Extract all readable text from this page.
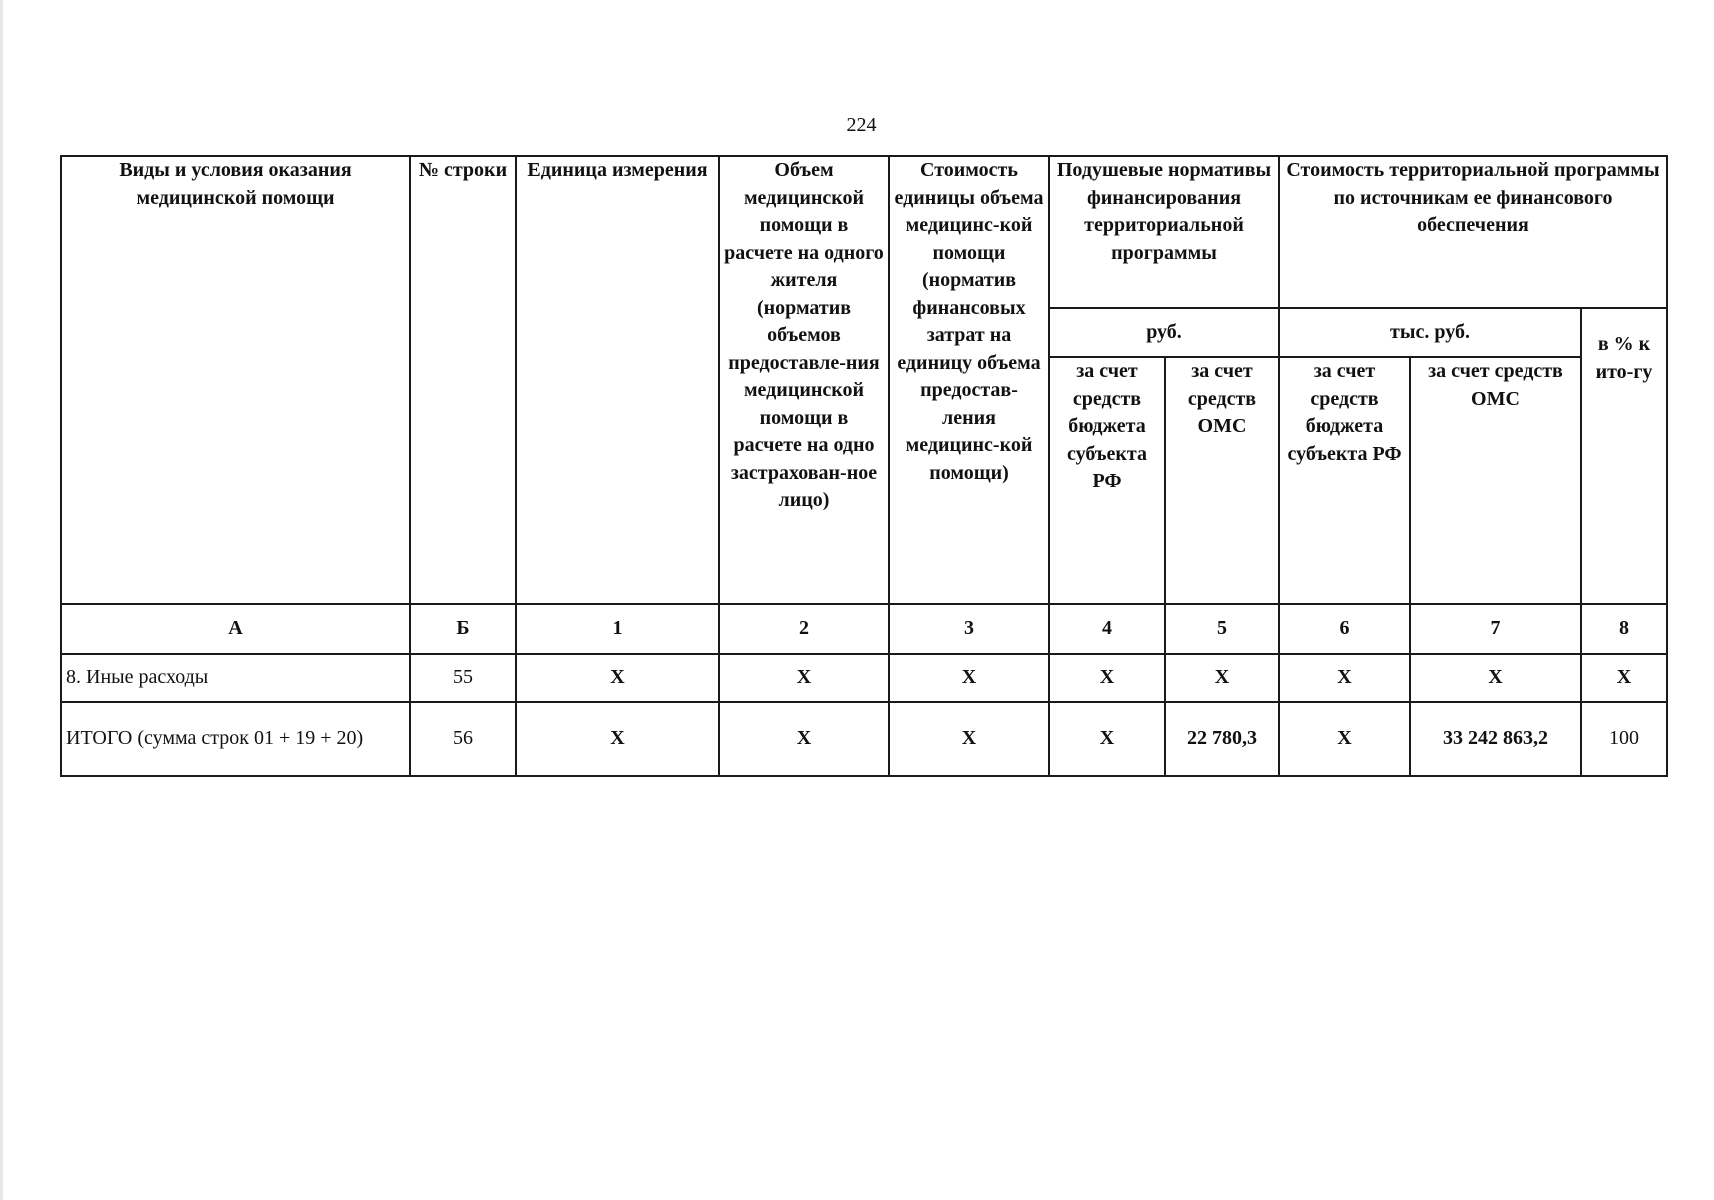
224
Виды и условия оказания медицинской помощи	№ строки	Единица измерения	Объем медицинской помощи в расчете на одного жителя (норматив объемов предоставле-ния медицинской помощи в расчете на одно застрахован-ное лицо)	Стоимость единицы объема медицинс-кой помощи (норматив финансовых затрат на единицу объема предостав-ления медицинс-кой помощи)	Подушевые нормативы финансирования территориальной программы		Стоимость территориальной программы по источникам ее финансового обеспечения		
					руб.		тыс. руб.		в % к ито-гу
					за счет средств бюджета субъекта РФ	за счет средств ОМС	за счет средств бюджета субъекта РФ	за счет средств ОМС	
А	Б	1	2	3	4	5	6	7	8
8. Иные расходы	55	Х	Х	Х	Х	Х	Х	Х	Х
ИТОГО (сумма строк 01 + 19 + 20)	56	Х	Х	Х	Х	22 780,3	Х	33 242 863,2	100
